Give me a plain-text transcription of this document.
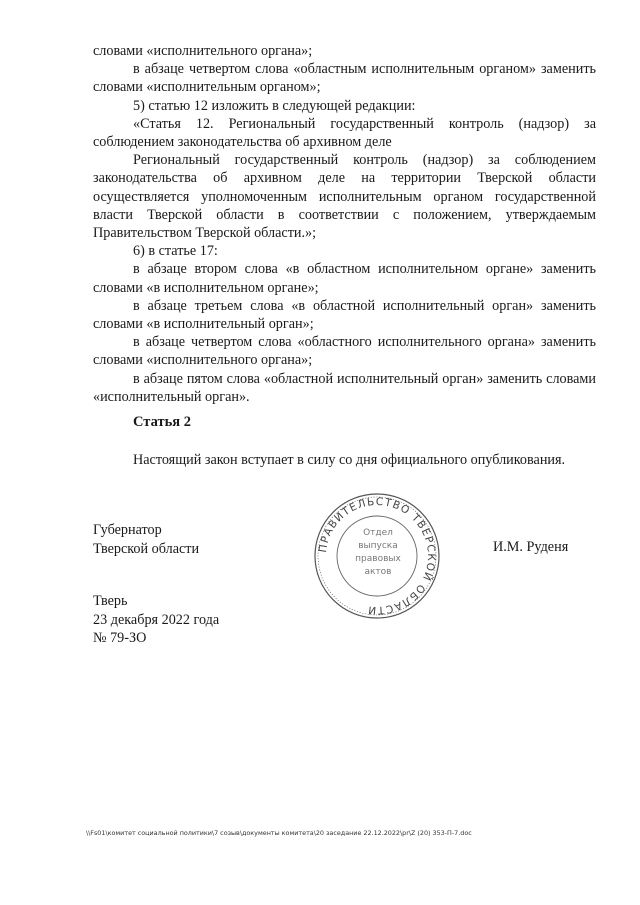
словами «исполнительного органа»;

в абзаце четвертом слова «областным исполнительным органом» заменить словами «исполнительным органом»;

5) статью 12 изложить в следующей редакции:

«Статья 12. Региональный государственный контроль (надзор) за соблюдением законодательства об архивном деле

Региональный государственный контроль (надзор) за соблюдением законодательства об архивном деле на территории Тверской области осуществляется уполномоченным исполнительным органом государственной власти Тверской области в соответствии с положением, утверждаемым Правительством Тверской области.»;

6) в статье 17:

в абзаце втором слова «в областном исполнительном органе» заменить словами «в исполнительном органе»;

в абзаце третьем слова «в областной исполнительный орган» заменить словами «в исполнительный орган»;

в абзаце четвертом слова «областного исполнительного органа» заменить словами «исполнительного органа»;

в абзаце пятом слова «областной исполнительный орган» заменить словами «исполнительный орган».

Статья 2
Настоящий закон вступает в силу со дня официального опубликования.
Губернатор
Тверской области	И.М. Руденя
ПРАВИТЕЛЬСТВО ТВЕРСКОЙ ОБЛАСТИ
Отдел
выпуска
правовых
актов
Тверь
23 декабря 2022 года
№ 79-ЗО
\\Fs01\комитет социальной политики\7 созыв\документы комитета\20 заседание 22.12.2022\pr\Z (20) 353-П-7.doc
